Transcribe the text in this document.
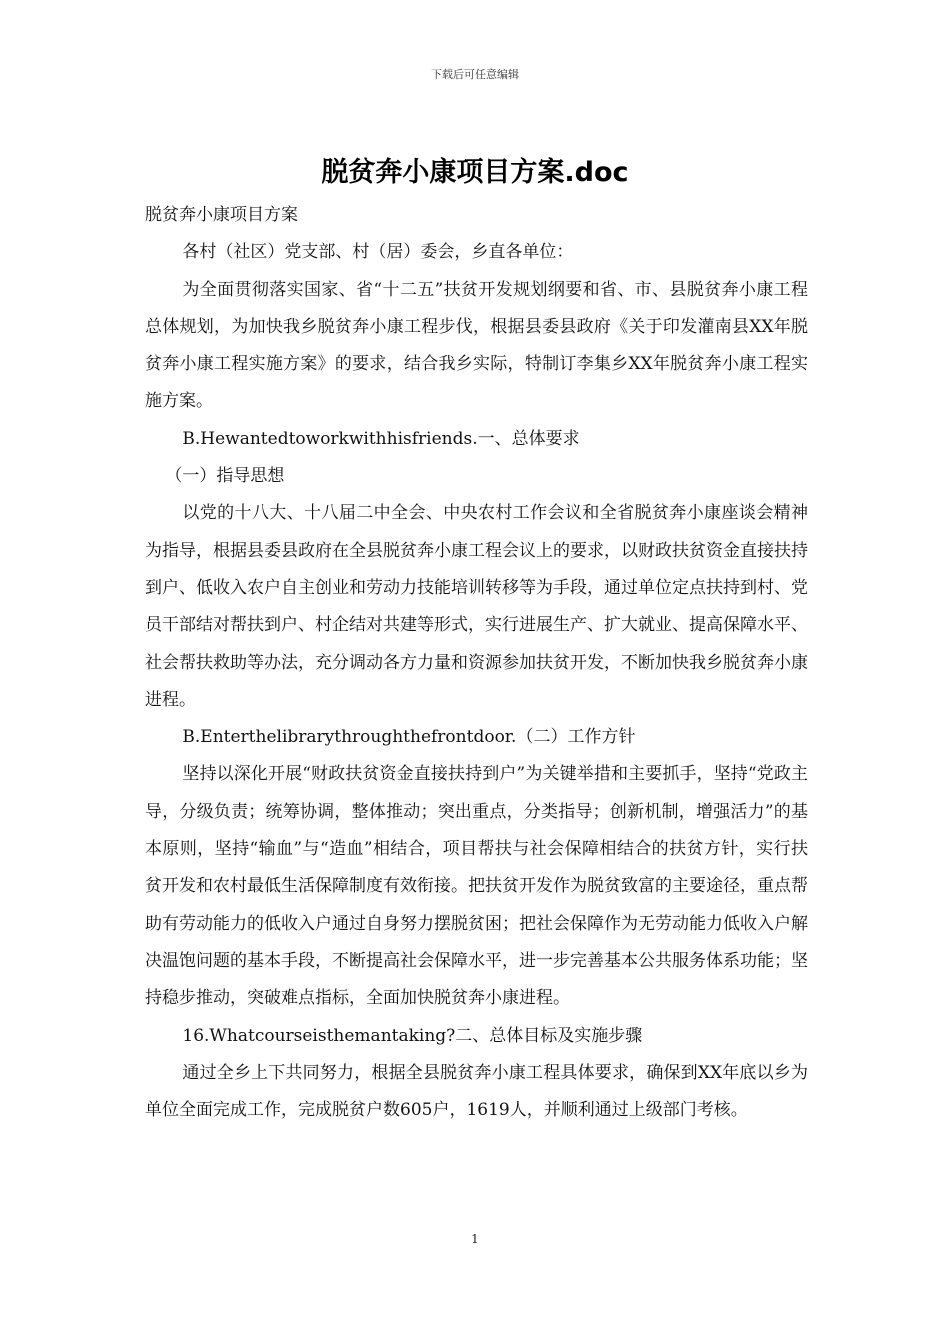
下载后可任意编辑
脱贫奔小康项目方案.doc

脱贫奔小康项目方案

各村（社区）党支部、村（居）委会，乡直各单位：

为全面贯彻落实国家、省“十二五”扶贫开发规划纲要和省、市、县脱贫奔小康工程总体规划，为加快我乡脱贫奔小康工程步伐，根据县委县政府《关于印发灌南县XX年脱贫奔小康工程实施方案》的要求，结合我乡实际，特制订李集乡XX年脱贫奔小康工程实施方案。

B.Hewantedtoworkwithhisfriends.一、总体要求

（一）指导思想

以党的十八大、十八届二中全会、中央农村工作会议和全省脱贫奔小康座谈会精神为指导，根据县委县政府在全县脱贫奔小康工程会议上的要求，以财政扶贫资金直接扶持到户、低收入农户自主创业和劳动力技能培训转移等为手段，通过单位定点扶持到村、党员干部结对帮扶到户、村企结对共建等形式，实行进展生产、扩大就业、提高保障水平、社会帮扶救助等办法，充分调动各方力量和资源参加扶贫开发，不断加快我乡脱贫奔小康进程。

B.Enterthelibrarythroughthefrontdoor.（二）工作方针

坚持以深化开展“财政扶贫资金直接扶持到户”为关键举措和主要抓手，坚持“党政主导，分级负责；统筹协调，整体推动；突出重点，分类指导；创新机制，增强活力”的基本原则，坚持“输血”与“造血”相结合，项目帮扶与社会保障相结合的扶贫方针，实行扶贫开发和农村最低生活保障制度有效衔接。把扶贫开发作为脱贫致富的主要途径，重点帮助有劳动能力的低收入户通过自身努力摆脱贫困；把社会保障作为无劳动能力低收入户解决温饱问题的基本手段，不断提高社会保障水平，进一步完善基本公共服务体系功能；坚持稳步推动，突破难点指标，全面加快脱贫奔小康进程。

16.Whatcourseisthemantaking?二、总体目标及实施步骤

通过全乡上下共同努力，根据全县脱贫奔小康工程具体要求，确保到XX年底以乡为单位全面完成工作，完成脱贫户数605户，1619人，并顺利通过上级部门考核。

1
